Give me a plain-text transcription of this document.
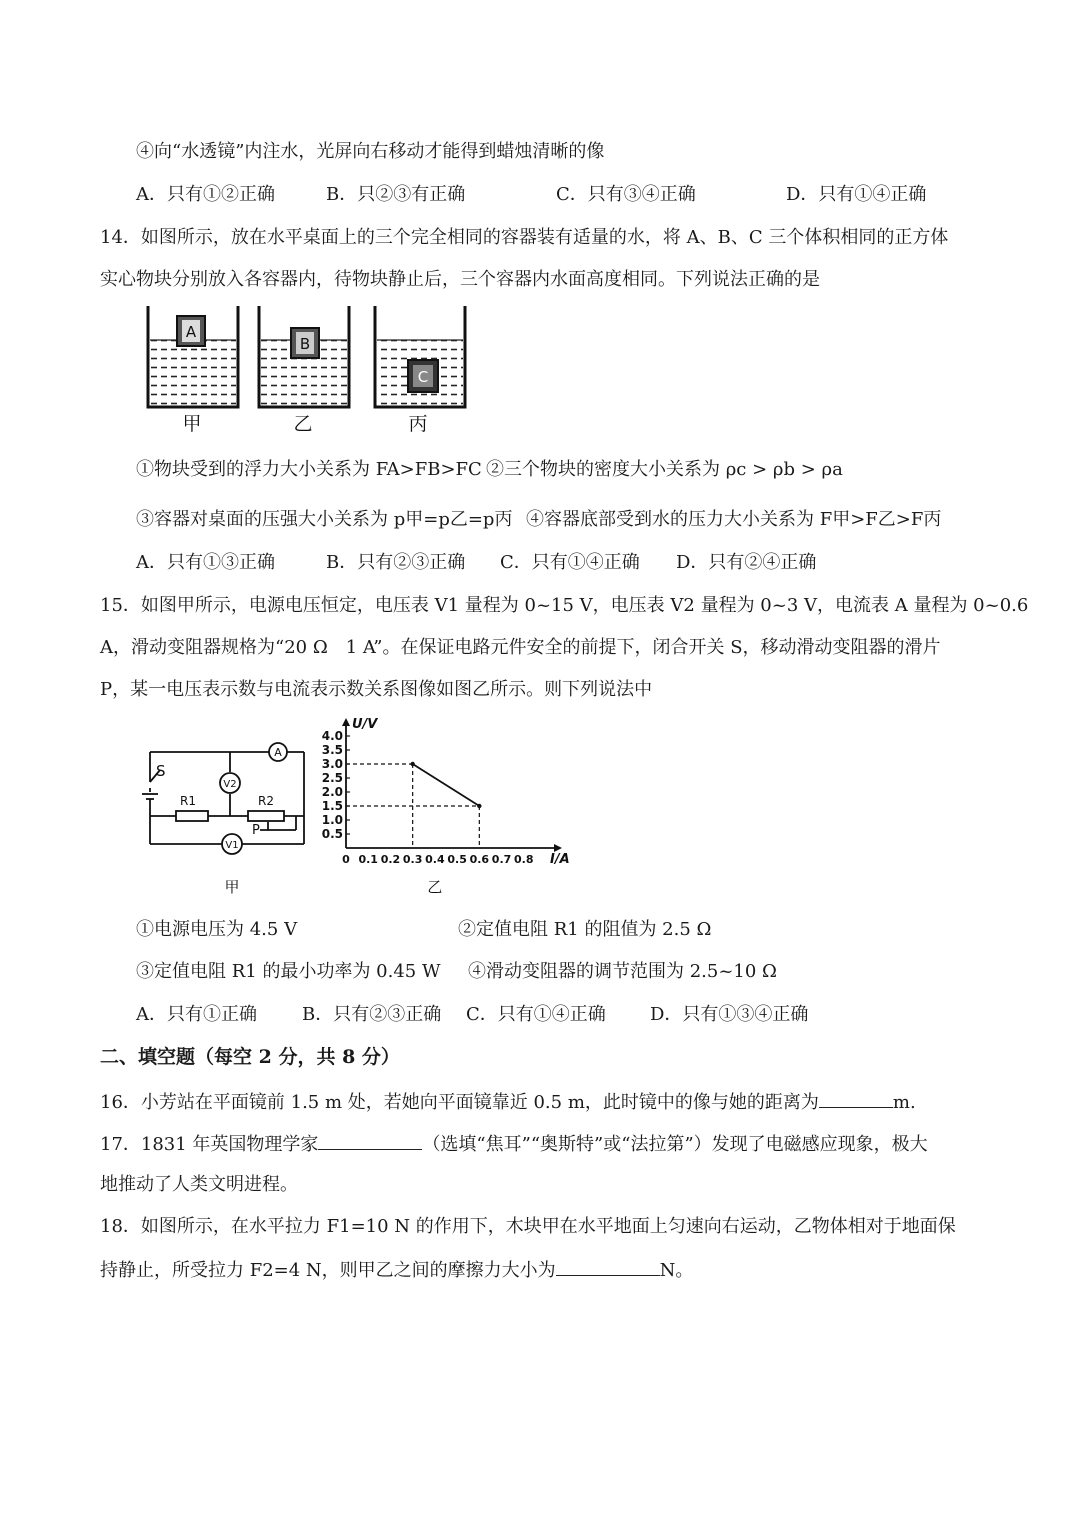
④向“水透镜”内注水，光屏向右移动才能得到蜡烛清晰的像
A．只有①②正确	B．只②③有正确	C．只有③④正确	D．只有①④正确
14．如图所示，放在水平桌面上的三个完全相同的容器装有适量的水，将 A、B、C 三个体积相同的正方体
实心物块分别放入各容器内，待物块静止后，三个容器内水面高度相同。下列说法正确的是
A
甲
B
乙
C
丙
①物块受到的浮力大小关系为 FA>FB>FC ②三个物块的密度大小关系为 ρc > ρb > ρa
③容器对桌面的压强大小关系为 p甲=p乙=p丙 ④容器底部受到水的压力大小关系为 F甲>F乙>F丙
A．只有①③正确	B．只有②③正确 C．只有①④正确 D．只有②④正确
15．如图甲所示，电源电压恒定，电压表 V1 量程为 0~15 V，电压表 V2 量程为 0~3 V，电流表 A 量程为 0~0.6
A，滑动变阻器规格为“20 Ω　1 A”。在保证电路元件安全的前提下，闭合开关 S，移动滑动变阻器的滑片
P，某一电压表示数与电流表示数关系图像如图乙所示。则下列说法中
A
V2
V1
S
R1	R2
P
甲
0.5
1.0
1.5
2.0
2.5
3.0
3.5
4.0
0 0.1 0.2 0.3 0.4 0.5 0.6 0.7 0.8
U/V
I/A
乙
①电源电压为 4.5 V	②定值电阻 R1 的阻值为 2.5 Ω
③定值电阻 R1 的最小功率为 0.45 W ④滑动变阻器的调节范围为 2.5~10 Ω
A．只有①正确	B．只有②③正确 C．只有①④正确 D．只有①③④正确
二、填空题（每空 2 分，共 8 分）
16．小芳站在平面镜前 1.5 m 处，若她向平面镜靠近 0.5 m，此时镜中的像与她的距离为	m.
17．1831 年英国物理学家	（选填“焦耳”“奥斯特”或“法拉第”）发现了电磁感应现象，极大
地推动了人类文明进程。
18．如图所示，在水平拉力 F1=10 N 的作用下，木块甲在水平地面上匀速向右运动，乙物体相对于地面保
持静止，所受拉力 F2=4 N，则甲乙之间的摩擦力大小为	N。
